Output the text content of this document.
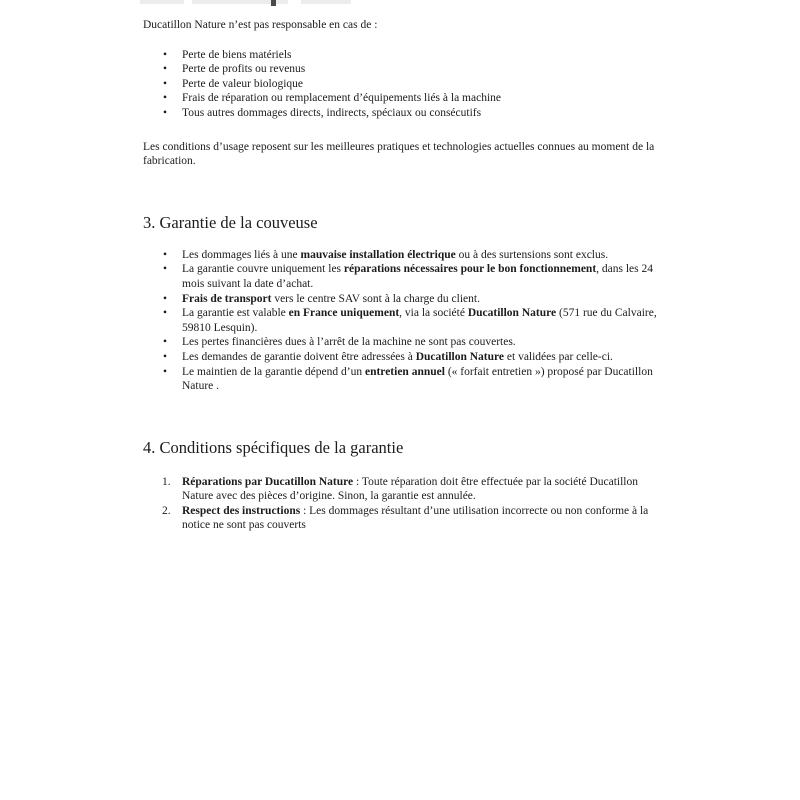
Ducatillon Nature n’est pas responsable en cas de :

• Perte de biens matériels
• Perte de profits ou revenus
• Perte de valeur biologique
• Frais de réparation ou remplacement d’équipements liés à la machine
• Tous autres dommages directs, indirects, spéciaux ou consécutifs

Les conditions d’usage reposent sur les meilleures pratiques et technologies actuelles connues au moment de la fabrication.

3. Garantie de la couveuse
• Les dommages liés à une mauvaise installation électrique ou à des surtensions sont exclus.
• La garantie couvre uniquement les réparations nécessaires pour le bon fonctionnement, dans les 24 mois suivant la date d’achat.
• Frais de transport vers le centre SAV sont à la charge du client.
• La garantie est valable en France uniquement, via la société Ducatillon Nature (571 rue du Calvaire, 59810 Lesquin).
• Les pertes financières dues à l’arrêt de la machine ne sont pas couvertes.
• Les demandes de garantie doivent être adressées à Ducatillon Nature et validées par celle-ci.
• Le maintien de la garantie dépend d’un entretien annuel (« forfait entretien ») proposé par Ducatillon Nature .
4. Conditions spécifiques de la garantie
Réparations par Ducatillon Nature : Toute réparation doit être effectuée par la société Ducatillon Nature avec des pièces d’origine. Sinon, la garantie est annulée.
Respect des instructions : Les dommages résultant d’une utilisation incorrecte ou non conforme à la notice ne sont pas couverts
